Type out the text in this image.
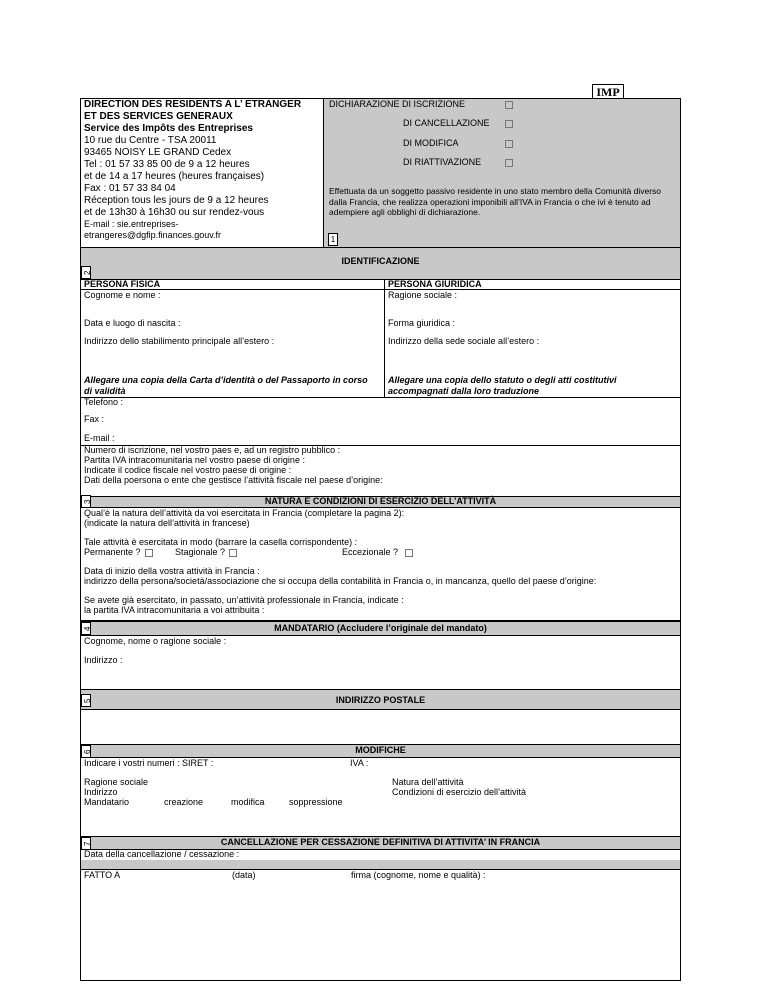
IMP
DIRECTION DES RESIDENTS A L’ ETRANGER
ET DES SERVICES GENERAUX
Service des Impôts des Entreprises
10 rue du Centre - TSA 20011
93465 NOISY LE GRAND Cedex
Tel : 01 57 33 85 00 de 9 a 12 heures
et de 14 a 17 heures (heures françaises)
Fax : 01 57 33 84 04
Réception tous les jours de 9 a 12 heures
et de 13h30 à 16h30 ou sur rendez-vous
E-mail : sie.entreprises-
etrangeres@dgfip.finances.gouv.fr
DICHIARAZIONE DI ISCRIZIONE
DI CANCELLAZIONE
DI MODIFICA
DI RIATTIVAZIONE
Effettuata da un soggetto passivo residente in uno stato membro della Comunità diverso dalla Francia, che realizza operazioni imponibili all’IVA in Francia o che ivi è tenuto ad adempiere agli obblighi di dichiarazione.
1
IDENTIFICAZIONE
2
PERSONA FISICA	PERSONA GIURIDICA
Cognome e nome :	Ragione sociale :
Data e luogo di nascita :	Forma giuridica :
Indirizzo dello stabilimento principale all’estero :	Indirizzo della sede sociale all’estero :
Allegare una copia della Carta d’identità o del Passaporto in corso di validità
Allegare una copia dello statuto o degli atti costitutivi accompagnati dalla loro traduzione
Telefono :
Fax :
E-mail :
Numero di iscrizione, nel vostro paes e, ad un registro pubblico :
Partita IVA intracomunitaria nel vostro paese di origine :
Indicate il codice fiscale nel vostro paese di origine :
Dati della poersona o ente che gestisce l’attività fiscale nel paese d’origine:
NATURA E CONDIZIONI DI ESERCIZIO DELL’ATTIVITÀ
3
Qual’è la natura dell’attività da voi esercitata in Francia (completare la pagina 2):
(indicate la natura dell’attività in francese)
Tale attività è esercitata in modo (barrare la casella corrispondente) :
Permanente ?	Stagionale ?	Eccezionale ?
Data di inizio della vostra attività in Francia :
indirizzo della persona/società/associazione che si occupa della contabilità in Francia o, in mancanza, quello del paese d’origine:
Se avete già esercitato, in passato, un’attività professionale in Francia, indicate :
la partita IVA intracomunitaria a voi attribuita :
MANDATARIO (Accludere l’originale del mandato)
4
Cognome, nome o ragione sociale :
Indirizzo :
INDIRIZZO POSTALE
5
MODIFICHE
6
Indicare i vostri numeri : SIRET :	IVA :
Ragione sociale
Indirizzo
Mandatario	creazione	modifica	soppressione
Natura dell’attività
Condizioni di esercizio dell’attività
CANCELLAZIONE PER CESSAZIONE DEFINITIVA DI ATTIVITA’ IN FRANCIA
7
Data della cancellazione / cessazione :
FATTO A	(data)	firma (cognome, nome e qualità) :
